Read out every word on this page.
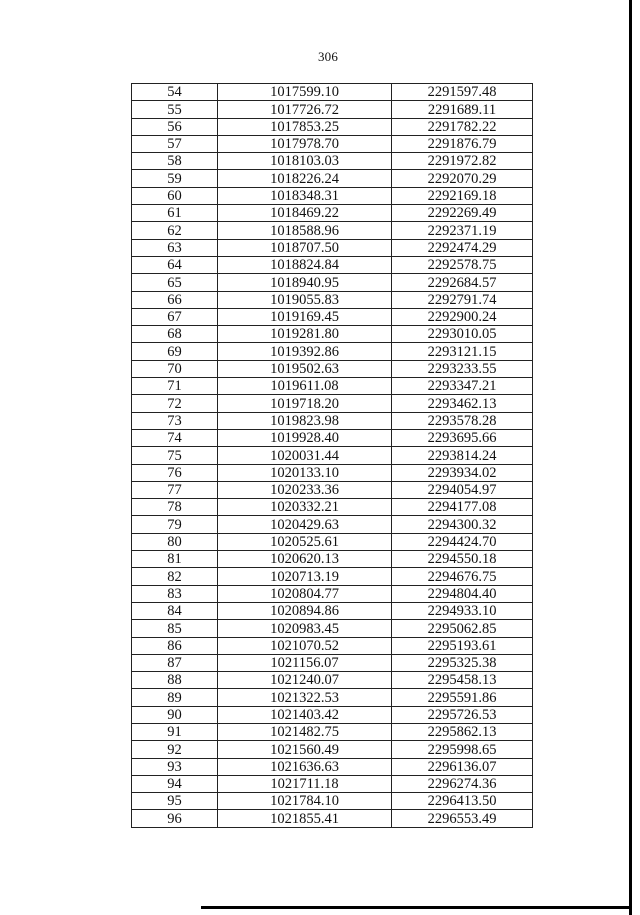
306
54	1017599.10	2291597.48
55	1017726.72	2291689.11
56	1017853.25	2291782.22
57	1017978.70	2291876.79
58	1018103.03	2291972.82
59	1018226.24	2292070.29
60	1018348.31	2292169.18
61	1018469.22	2292269.49
62	1018588.96	2292371.19
63	1018707.50	2292474.29
64	1018824.84	2292578.75
65	1018940.95	2292684.57
66	1019055.83	2292791.74
67	1019169.45	2292900.24
68	1019281.80	2293010.05
69	1019392.86	2293121.15
70	1019502.63	2293233.55
71	1019611.08	2293347.21
72	1019718.20	2293462.13
73	1019823.98	2293578.28
74	1019928.40	2293695.66
75	1020031.44	2293814.24
76	1020133.10	2293934.02
77	1020233.36	2294054.97
78	1020332.21	2294177.08
79	1020429.63	2294300.32
80	1020525.61	2294424.70
81	1020620.13	2294550.18
82	1020713.19	2294676.75
83	1020804.77	2294804.40
84	1020894.86	2294933.10
85	1020983.45	2295062.85
86	1021070.52	2295193.61
87	1021156.07	2295325.38
88	1021240.07	2295458.13
89	1021322.53	2295591.86
90	1021403.42	2295726.53
91	1021482.75	2295862.13
92	1021560.49	2295998.65
93	1021636.63	2296136.07
94	1021711.18	2296274.36
95	1021784.10	2296413.50
96	1021855.41	2296553.49
